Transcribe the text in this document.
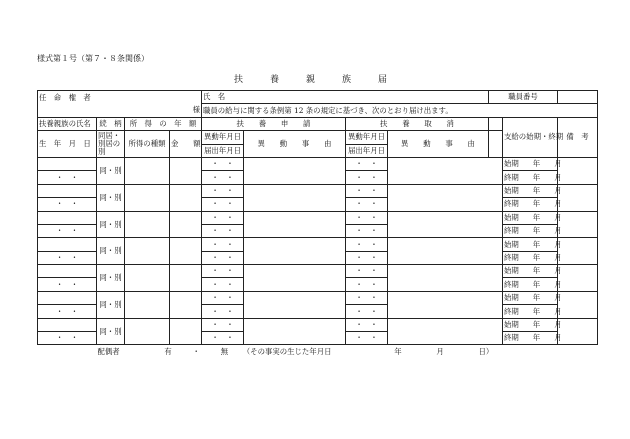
様式第１号（第７・８条関係）
扶　養　親　族　届
任　命　権　者				氏　名				職員番号		
様				職員の給与に関する条例第 12 条の規定に基づき、次のとおり届け出ます。						
扶養親族の氏名	続　柄	所　得　の　年　額		扶　　養　　申　　請		扶　　養　　取　　消			支給の始期・終期	備　考
生　年　月　日	同居・別居の別	所得の種類	金　　額	異動年月日	異　　動　　事　　由	異動年月日	異　　動　　事　　由			
				届出年月日		届出年月日				
	同・別			・　・		・　・			始期 年 月	
・　・				・　・		・　・			終期 年 月	
	同・別			・　・		・　・			始期 年 月	
・　・				・　・		・　・			終期 年 月	
	同・別			・　・		・　・			始期 年 月	
・　・				・　・		・　・			終期 年 月	
	同・別			・　・		・　・			始期 年 月	
・　・				・　・		・　・			終期 年 月	
	同・別			・　・		・　・			始期 年 月	
・　・				・　・		・　・			終期 年 月	
	同・別			・　・		・　・			始期 年 月	
・　・				・　・		・　・			終期 年 月	
	同・別			・　・		・　・			始期 年 月	
・　・				・　・		・　・			終期 年 月	
配偶者 有 ・ 無 （その事実の生じた年月日 年 月 日）										
